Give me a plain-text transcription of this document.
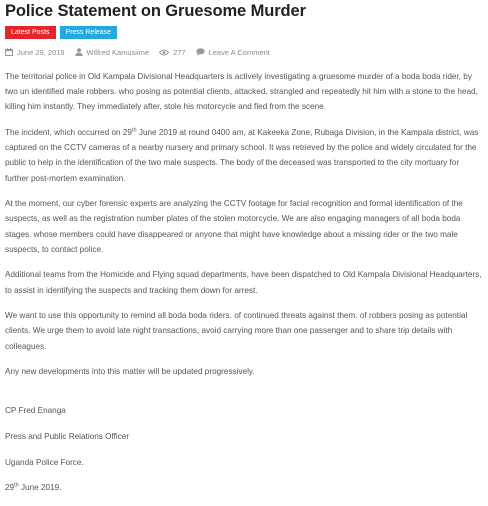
Police Statement on Gruesome Murder
Latest Posts	Press Release
June 29, 2019	Wilfred Kamusiime	277	Leave A Comment

The territorial police in Old Kampala Divisional Headquarters is actively investigating a gruesome murder of a boda boda rider, by two un identified male robbers. who posing as potential clients, attacked, strangled and repeatedly hit him with a stone to the head, killing him instantly. They immediately after, stole his motorcycle and fled from the scene.

The incident, which occurred on 29th June 2019 at round 0400 am, at Kakeeka Zone, Rubaga Division, in the Kampala district, was captured on the CCTV cameras of a nearby nursery and primary school. It was retrieved by the police and widely circulated for the public to help in the identification of the two male suspects. The body of the deceased was transported to the city mortuary for further post-mortem examination.

At the moment, our cyber forensic experts are analyzing the CCTV footage for facial recognition and formal identification of the suspects, as well as the registration number plates of the stolen motorcycle. We are also engaging managers of all boda boda stages. whose members could have disappeared or anyone that might have knowledge about a missing rider or the two male suspects, to contact police.

Additional teams from the Homicide and Flying squad departments, have been dispatched to Old Kampala Divisional Headquarters, to assist in identifying the suspects and tracking them down for arrest.

We want to use this opportunity to remind all boda boda riders. of continued threats against them. of robbers posing as potential clients. We urge them to avoid late night transactions, avoid carrying more than one passenger and to share trip details with colleagues.

Any new developments into this matter will be updated progressively.

CP Fred Enanga

Press and Public Relations Officer

Uganda Police Force.

29th June 2019.
